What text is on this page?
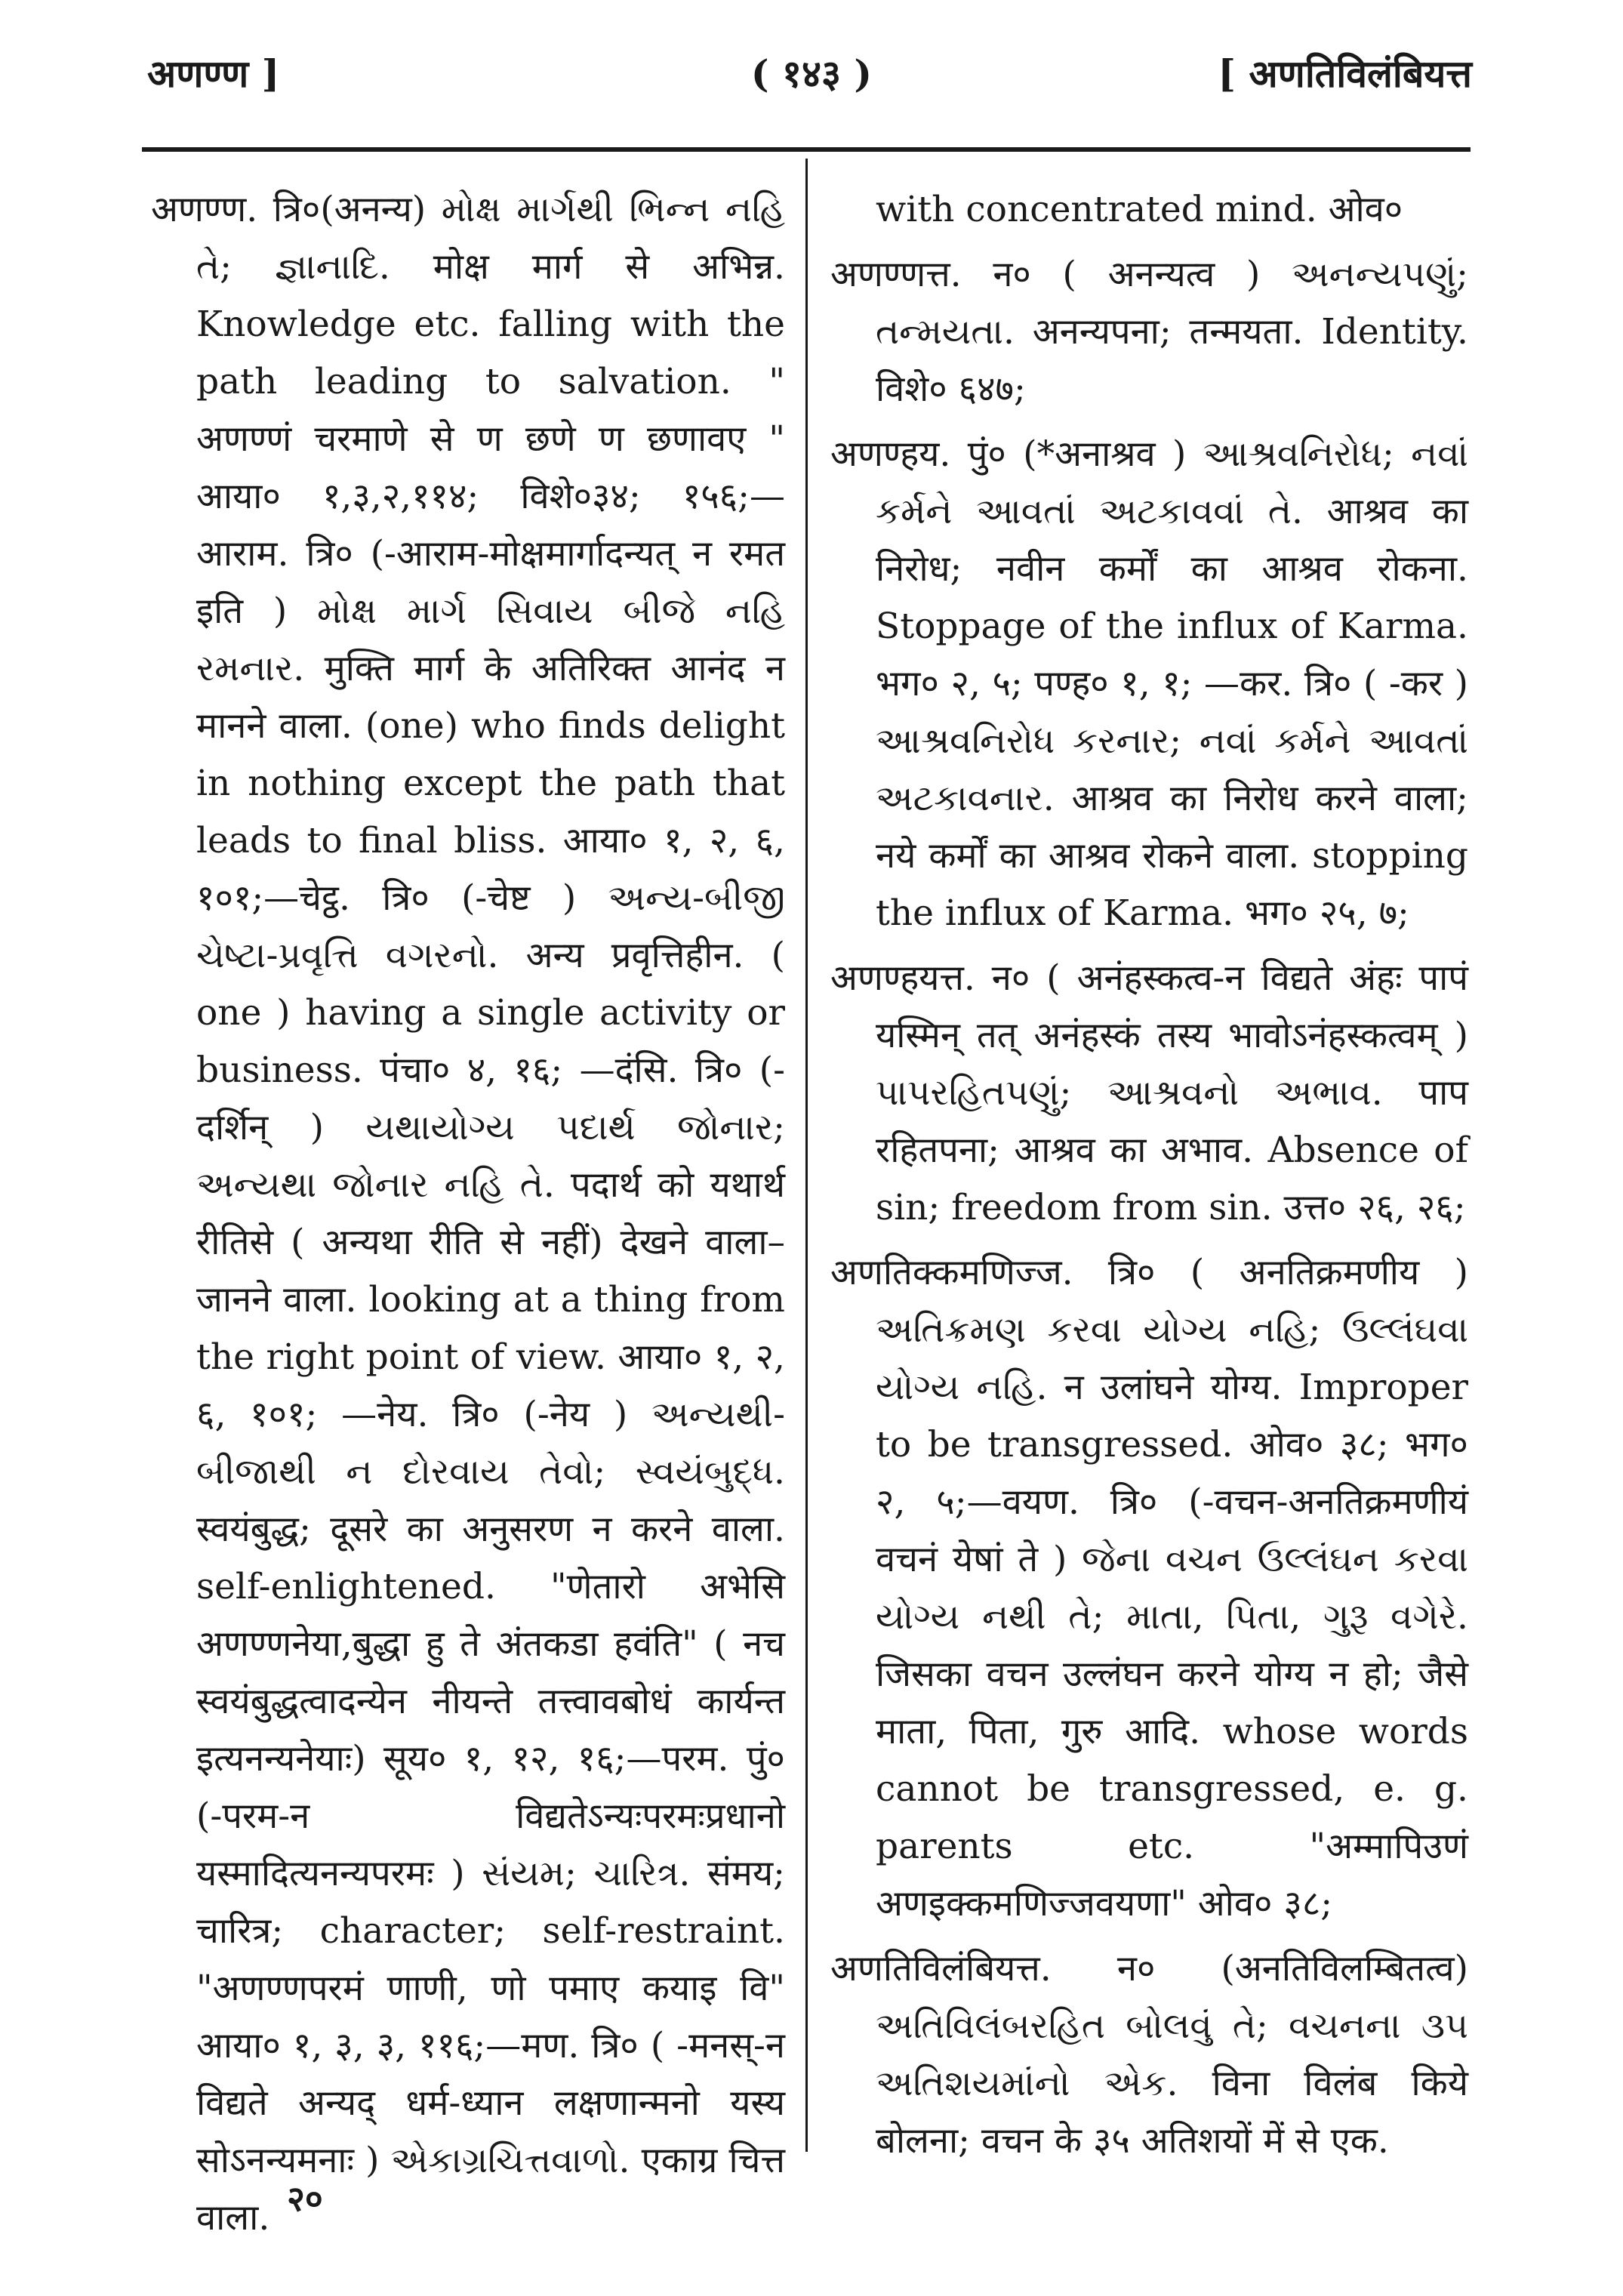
अणण्ण ]	( १४३ )	[ अणतिविलंबियत्त

अणण्ण. त्रि०(अनन्य) મોક્ષ માર્ગથી ભિન્ન નહિ તે; જ્ઞાનાદિ. मोक्ष मार्ग से अभिन्न. Knowledge etc. falling with the path leading to salvation. " अणण्णं चरमाणे से ण छणे ण छणावए " आया० १,३,२,११४; विशे०३४; १५६;—आराम. त्रि० (-आराम-मोक्षमार्गादन्यत् न रमत इति ) મોક્ષ માર્ગ સિવાય બીજે નહિ રમનાર. मुक्ति मार्ग के अतिरिक्त आनंद न मानने वाला. (one) who finds delight in nothing except the path that leads to final bliss. आया० १, २, ६, १०१;—चेट्ठ. त्रि० (-चेष्ट ) અન્ય-બીજી ચેષ્ટા-પ્રવૃત્તિ વગરનો. अन्य प्रवृत्तिहीन. ( one ) having a single activity or business. पंचा० ४, १६; —दंसि. त्रि० (-दर्शिन् ) યથાયોગ્ય પદાર્થ જોનાર; અન્યથા જોનાર નહિ તે. पदार्थ को यथार्थ रीतिसे ( अन्यथा रीति से नहीं) देखने वाला–जानने वाला. looking at a thing from the right point of view. आया० १, २, ६, १०१; —नेय. त्रि० (-नेय ) અન્યથી-બીજાથી ન દોરવાય તેવો; સ્વયંબુદ્ધ. स्वयंबुद्ध; दूसरे का अनुसरण न करने वाला. self-enlightened. "णेतारो अभेसि अणण्णनेया,बुद्धा हु ते अंतकडा हवंति" ( नच स्वयंबुद्धत्वादन्येन नीयन्ते तत्त्वावबोधं कार्यन्त इत्यनन्यनेयाः) सूय० १, १२, १६;—परम. पुं० (-परम-न विद्यतेऽन्यःपरमःप्रधानो यस्मादित्यनन्यपरमः ) સંયમ; ચારિત્ર. संमय; चारित्र; character; self-restraint. "अणण्णपरमं णाणी, णो पमाए कयाइ वि" आया० १, ३, ३, ११६;—मण. त्रि० ( -मनस्-न विद्यते अन्यद् धर्म-ध्यान लक्षणान्मनो यस्य सोऽनन्यमनाः ) એકાગ્રચિત્તવાળો. एकाग्र चित्त वाला.

with concentrated mind. ओव०

अणण्णत्त. न० ( अनन्यत्व ) અનન્યપણું; તન્મયતા. अनन्यपना; तन्मयता. Identity. विशे० ६४७;

अणण्हय. पुं० (*अनाश्रव ) આશ્રવનિરોધ; નવાં કર્મને આવતાં અટકાવવાં તે. आश्रव का निरोध; नवीन कर्मों का आश्रव रोकना. Stoppage of the influx of Karma. भग० २, ५; पण्ह० १, १; —कर. त्रि० ( -कर ) આશ્રવનિરોધ કરનાર; નવાં કર્મને આવતાં અટકાવનાર. आश्रव का निरोध करने वाला; नये कर्मों का आश्रव रोकने वाला. stopping the influx of Karma. भग० २५, ७;

अणण्हयत्त. न० ( अनंहस्कत्व-न विद्यते अंहः पापं यस्मिन् तत् अनंहस्कं तस्य भावोऽनंहस्कत्वम् ) પાપરહિતપણું; આશ્રવનો અભાવ. पाप रहितपना; आश्रव का अभाव. Absence of sin; freedom from sin. उत्त० २६, २६;

अणतिक्कमणिज्ज. त्रि० ( अनतिक्रमणीय ) અતિક્રમણ કરવા યોગ્ય નહિ; ઉલ્લંઘવા યોગ્ય નહિ. न उलांघने योग्य. Improper to be transgressed. ओव० ३८; भग० २, ५;—वयण. त्रि० (-वचन-अनतिक्रमणीयं वचनं येषां ते ) જેના વચન ઉલ્લંઘન કરવા યોગ્ય નથી તે; માતા, પિતા, ગુરૂ વગેરે. जिसका वचन उल्लंघन करने योग्य न हो; जैसे माता, पिता, गुरु आदि. whose words cannot be transgressed, e. g. parents etc. "अम्मापिउणं अणइक्कमणिज्जवयणा" ओव० ३८;

अणतिविलंबियत्त. न० (अनतिविलम्बितत्व) અતિવિલંબરહિત બોલવું તે; વચનના ૩૫ અતિશયમાંનો એક. विना विलंब किये बोलना; वचन के ३५ अतिशयों में से एक.

२०
